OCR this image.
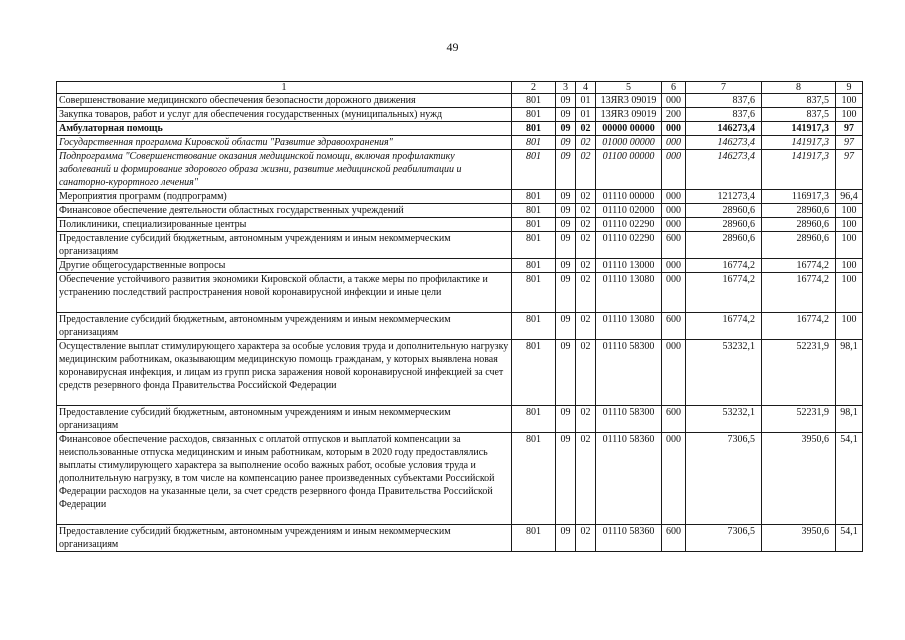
49
1	2	3	4	5	6	7	8	9
Совершенствование медицинского обеспечения безопасности дорожного движения	801	09	01	13ЯR3 09019	000	837,6	837,5	100
Закупка товаров, работ и услуг для обеспечения государственных (муниципальных) нужд	801	09	01	13ЯR3 09019	200	837,6	837,5	100
Амбулаторная помощь	801	09	02	00000 00000	000	146273,4	141917,3	97
Государственная программа Кировской области "Развитие здравоохранения"	801	09	02	01000 00000	000	146273,4	141917,3	97
Подпрограмма "Совершенствование оказания медицинской помощи, включая профилактику заболеваний и формирование здорового образа жизни, развитие медицинской реабилитации и санаторно-курортного лечения"	801	09	02	01100 00000	000	146273,4	141917,3	97
Мероприятия программ (подпрограмм)	801	09	02	01110 00000	000	121273,4	116917,3	96,4
Финансовое обеспечение деятельности областных государственных учреждений	801	09	02	01110 02000	000	28960,6	28960,6	100
Поликлиники, специализированные центры	801	09	02	01110 02290	000	28960,6	28960,6	100
Предоставление субсидий бюджетным, автономным учреждениям и иным некоммерческим организациям	801	09	02	01110 02290	600	28960,6	28960,6	100
Другие общегосударственные вопросы	801	09	02	01110 13000	000	16774,2	16774,2	100
Обеспечение устойчивого развития экономики Кировской области, а также меры по профилактике и устранению последствий распространения новой коронавирусной инфекции и иные цели	801	09	02	01110 13080	000	16774,2	16774,2	100
Предоставление субсидий бюджетным, автономным учреждениям и иным некоммерческим организациям	801	09	02	01110 13080	600	16774,2	16774,2	100
Осуществление выплат стимулирующего характера за особые условия труда и дополнительную нагрузку медицинским работникам, оказывающим медицинскую помощь гражданам, у которых выявлена новая коронавирусная инфекция, и лицам из групп риска заражения новой коронавирусной инфекцией за счет средств резервного фонда Правительства Российской Федерации	801	09	02	01110 58300	000	53232,1	52231,9	98,1
Предоставление субсидий бюджетным, автономным учреждениям и иным некоммерческим организациям	801	09	02	01110 58300	600	53232,1	52231,9	98,1
Финансовое обеспечение расходов, связанных с оплатой отпусков и выплатой компенсации за неиспользованные отпуска медицинским и иным работникам, которым в 2020 году предоставлялись выплаты стимулирующего характера за выполнение особо важных работ, особые условия труда и дополнительную нагрузку, в том числе на компенсацию ранее произведенных субъектами Российской Федерации расходов на указанные цели, за счет средств резервного фонда Правительства Российской Федерации	801	09	02	01110 58360	000	7306,5	3950,6	54,1
Предоставление субсидий бюджетным, автономным учреждениям и иным некоммерческим организациям	801	09	02	01110 58360	600	7306,5	3950,6	54,1
